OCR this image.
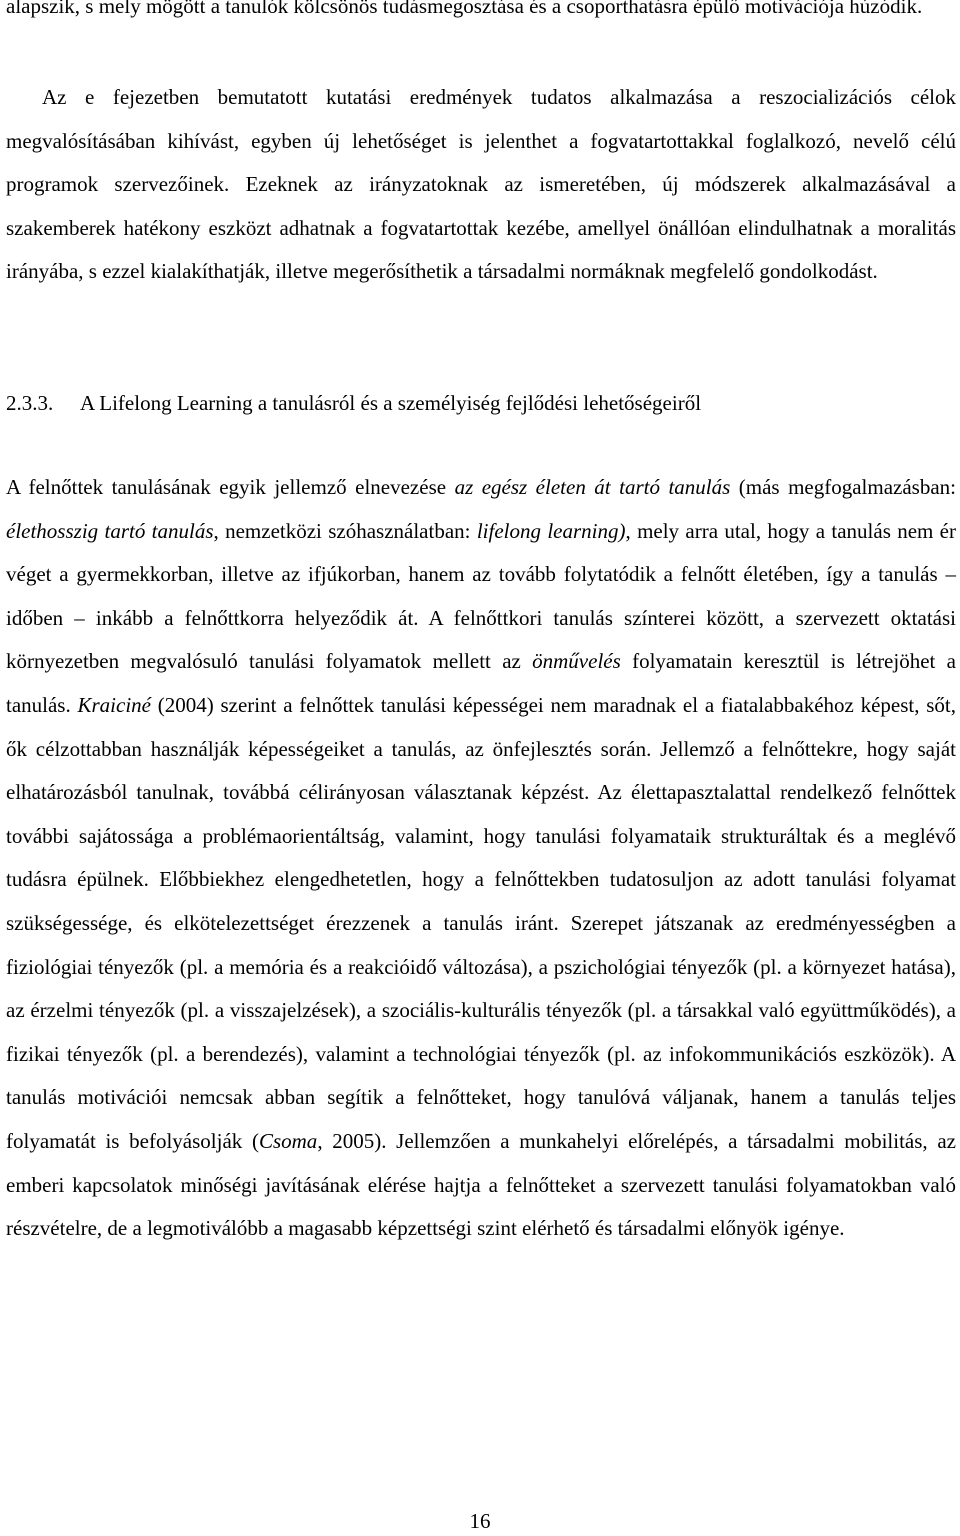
alapszik, s mely mögött a tanulók kölcsönös tudásmegosztása és a csoporthatásra épülő motivációja húzódik.

Az e fejezetben bemutatott kutatási eredmények tudatos alkalmazása a reszocializációs célok megvalósításában kihívást, egyben új lehetőséget is jelenthet a fogvatartottakkal foglalkozó, nevelő célú programok szervezőinek. Ezeknek az irányzatoknak az ismeretében, új módszerek alkalmazásával a szakemberek hatékony eszközt adhatnak a fogvatartottak kezébe, amellyel önállóan elindulhatnak a moralitás irányába, s ezzel kialakíthatják, illetve megerősíthetik a társadalmi normáknak megfelelő gondolkodást.

2.3.3. A Lifelong Learning a tanulásról és a személyiség fejlődési lehetőségeiről

A felnőttek tanulásának egyik jellemző elnevezése az egész életen át tartó tanulás (más megfogalmazásban: élethosszig tartó tanulás, nemzetközi szóhasználatban: lifelong learning), mely arra utal, hogy a tanulás nem ér véget a gyermekkorban, illetve az ifjúkorban, hanem az tovább folytatódik a felnőtt életében, így a tanulás – időben – inkább a felnőttkorra helyeződik át. A felnőttkori tanulás színterei között, a szervezett oktatási környezetben megvalósuló tanulási folyamatok mellett az önművelés folyamatain keresztül is létrejöhet a tanulás. Kraiciné (2004) szerint a felnőttek tanulási képességei nem maradnak el a fiatalabbakéhoz képest, sőt, ők célzottabban használják képességeiket a tanulás, az önfejlesztés során. Jellemző a felnőttekre, hogy saját elhatározásból tanulnak, továbbá célirányosan választanak képzést. Az élettapasztalattal rendelkező felnőttek további sajátossága a problémaorientáltság, valamint, hogy tanulási folyamataik strukturáltak és a meglévő tudásra épülnek. Előbbiekhez elengedhetetlen, hogy a felnőttekben tudatosuljon az adott tanulási folyamat szükségessége, és elkötelezettséget érezzenek a tanulás iránt. Szerepet játszanak az eredményességben a fiziológiai tényezők (pl. a memória és a reakcióidő változása), a pszichológiai tényezők (pl. a környezet hatása), az érzelmi tényezők (pl. a visszajelzések), a szociális-kulturális tényezők (pl. a társakkal való együttműködés), a fizikai tényezők (pl. a berendezés), valamint a technológiai tényezők (pl. az infokommunikációs eszközök). A tanulás motivációi nemcsak abban segítik a felnőtteket, hogy tanulóvá váljanak, hanem a tanulás teljes folyamatát is befolyásolják (Csoma, 2005). Jellemzően a munkahelyi előrelépés, a társadalmi mobilitás, az emberi kapcsolatok minőségi javításának elérése hajtja a felnőtteket a szervezett tanulási folyamatokban való részvételre, de a legmotiválóbb a magasabb képzettségi szint elérhető és társadalmi előnyök igénye.

16
